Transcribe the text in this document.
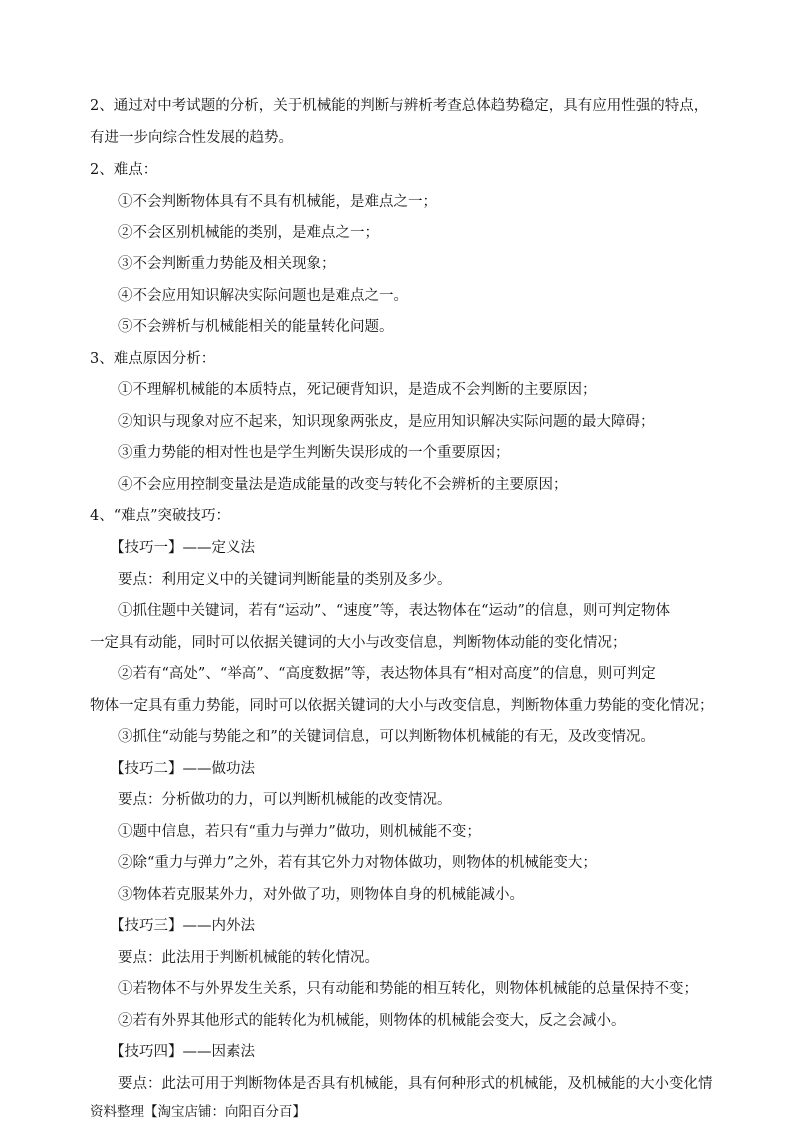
2、通过对中考试题的分析，关于机械能的判断与辨析考查总体趋势稳定，具有应用性强的特点，
有进一步向综合性发展的趋势。
2、难点：
①不会判断物体具有不具有机械能，是难点之一；
②不会区别机械能的类别，是难点之一；
③不会判断重力势能及相关现象；
④不会应用知识解决实际问题也是难点之一。
⑤不会辨析与机械能相关的能量转化问题。
3、难点原因分析：
①不理解机械能的本质特点，死记硬背知识，是造成不会判断的主要原因；
②知识与现象对应不起来，知识现象两张皮，是应用知识解决实际问题的最大障碍；
③重力势能的相对性也是学生判断失误形成的一个重要原因；
④不会应用控制变量法是造成能量的改变与转化不会辨析的主要原因；
4、“难点”突破技巧：
【技巧一】——定义法
要点：利用定义中的关键词判断能量的类别及多少。
①抓住题中关键词，若有“运动”、“速度”等，表达物体在“运动”的信息，则可判定物体
一定具有动能，同时可以依据关键词的大小与改变信息，判断物体动能的变化情况；
②若有“高处”、“举高”、“高度数据”等，表达物体具有“相对高度”的信息，则可判定
物体一定具有重力势能，同时可以依据关键词的大小与改变信息，判断物体重力势能的变化情况；
③抓住“动能与势能之和”的关键词信息，可以判断物体机械能的有无，及改变情况。
【技巧二】——做功法
要点：分析做功的力，可以判断机械能的改变情况。
①题中信息，若只有“重力与弹力”做功，则机械能不变；
②除“重力与弹力”之外，若有其它外力对物体做功，则物体的机械能变大；
③物体若克服某外力，对外做了功，则物体自身的机械能减小。
【技巧三】——内外法
要点：此法用于判断机械能的转化情况。
①若物体不与外界发生关系，只有动能和势能的相互转化，则物体机械能的总量保持不变；
②若有外界其他形式的能转化为机械能，则物体的机械能会变大，反之会减小。
【技巧四】——因素法
要点：此法可用于判断物体是否具有机械能，具有何种形式的机械能，及机械能的大小变化情
资料整理【淘宝店铺：向阳百分百】
